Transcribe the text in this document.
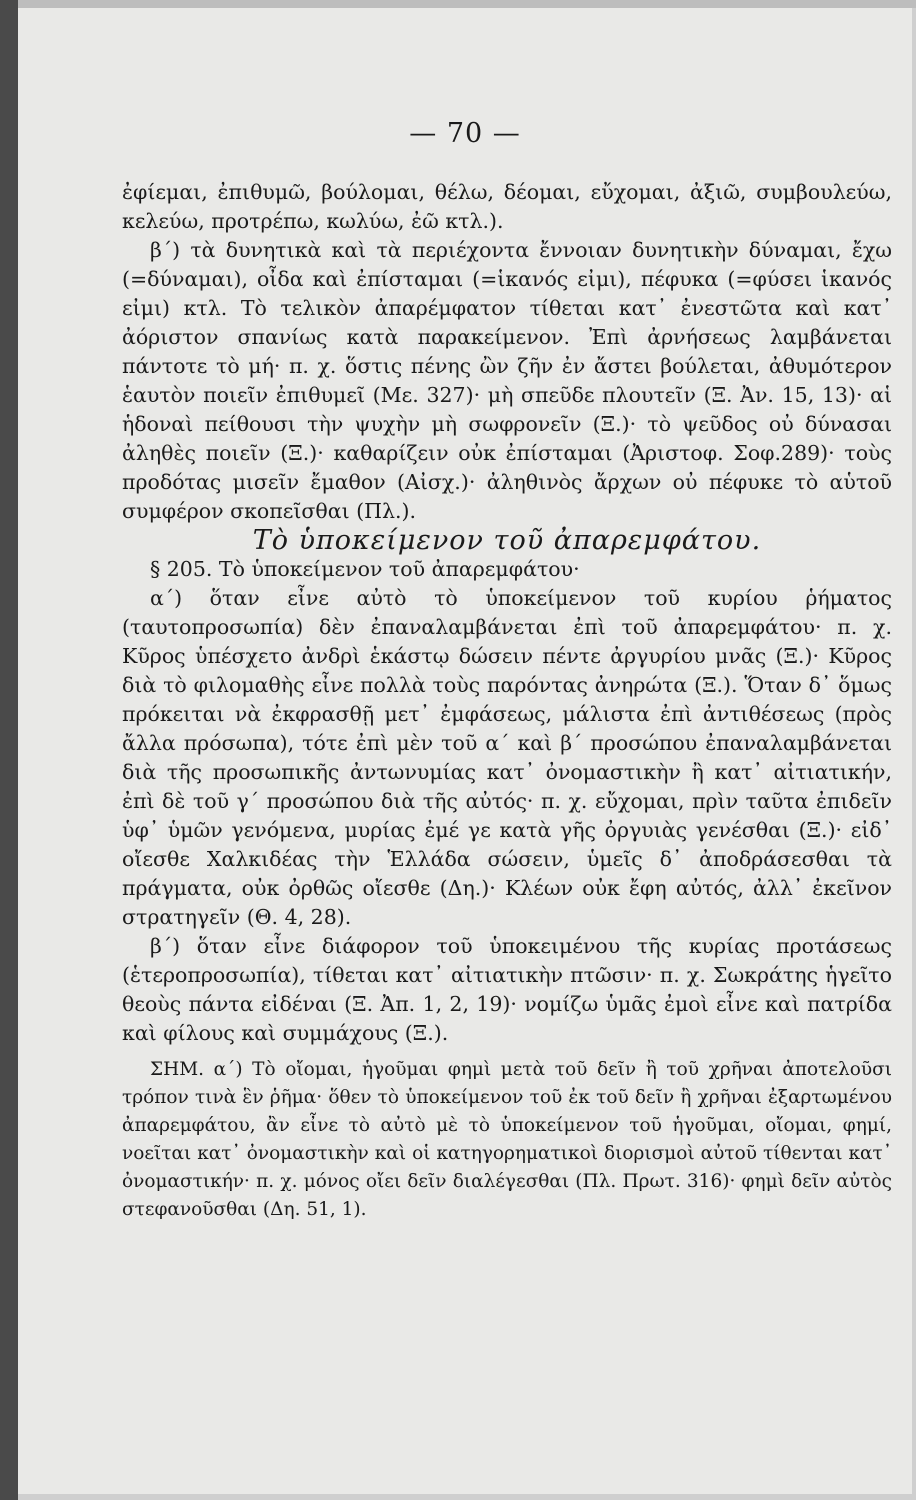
— 70 —

ἐφίεμαι, ἐπιθυμῶ, βούλομαι, θέλω, δέομαι, εὔχομαι, ἀξιῶ, συμβουλεύω, κελεύω, προτρέπω, κωλύω, ἐῶ κτλ.).

β΄) τὰ δυνητικὰ καὶ τὰ περιέχοντα ἔννοιαν δυνητικὴν δύναμαι, ἔχω (=δύναμαι), οἶδα καὶ ἐπίσταμαι (=ἱκανός εἰμι), πέφυκα (=φύσει ἱκανός εἰμι) κτλ. Τὸ τελικὸν ἀπαρέμφατον τίθεται κατ᾿ ἐνεστῶτα καὶ κατ᾿ ἀόριστον σπανίως κατὰ παρακείμενον. Ἐπὶ ἀρνήσεως λαμβάνεται πάντοτε τὸ μή· π. χ. ὅστις πένης ὢν ζῆν ἐν ἄστει βούλεται, ἀθυμότερον ἑαυτὸν ποιεῖν ἐπιθυμεῖ (Με. 327)· μὴ σπεῦδε πλουτεῖν (Ξ. Ἀν. 15, 13)· αἱ ἡδοναὶ πείθουσι τὴν ψυχὴν μὴ σωφρονεῖν (Ξ.)· τὸ ψεῦδος οὐ δύνασαι ἀληθὲς ποιεῖν (Ξ.)· καθαρίζειν οὐκ ἐπίσταμαι (Ἀριστοφ. Σοφ.289)· τοὺς προδότας μισεῖν ἔμαθον (Αἰσχ.)· ἀληθινὸς ἄρχων οὐ πέφυκε τὸ αὑτοῦ συμφέρον σκοπεῖσθαι (Πλ.).

Τὸ ὑποκείμενον τοῦ ἀπαρεμφάτου.

§ 205. Τὸ ὑποκείμενον τοῦ ἀπαρεμφάτου·

α΄) ὅταν εἶνε αὐτὸ τὸ ὑποκείμενον τοῦ κυρίου ῥήματος (ταυτοπροσωπία) δὲν ἐπαναλαμβάνεται ἐπὶ τοῦ ἀπαρεμφάτου· π. χ. Κῦρος ὑπέσχετο ἀνδρὶ ἑκάστῳ δώσειν πέντε ἀργυρίου μνᾶς (Ξ.)· Κῦρος διὰ τὸ φιλομαθὴς εἶνε πολλὰ τοὺς παρόντας ἀνηρώτα (Ξ.). Ὅταν δ᾿ ὅμως πρόκειται νὰ ἐκφρασθῇ μετ᾿ ἐμφάσεως, μάλιστα ἐπὶ ἀντιθέσεως (πρὸς ἄλλα πρόσωπα), τότε ἐπὶ μὲν τοῦ α΄ καὶ β΄ προσώπου ἐπαναλαμβάνεται διὰ τῆς προσωπικῆς ἀντωνυμίας κατ᾿ ὀνομαστικὴν ἢ κατ᾿ αἰτιατικήν, ἐπὶ δὲ τοῦ γ΄ προσώπου διὰ τῆς αὐτός· π. χ. εὔχομαι, πρὶν ταῦτα ἐπιδεῖν ὑφ᾿ ὑμῶν γενόμενα, μυρίας ἐμέ γε κατὰ γῆς ὀργυιὰς γενέσθαι (Ξ.)· εἰδ᾿ οἴεσθε Χαλκιδέας τὴν Ἑλλάδα σώσειν, ὑμεῖς δ᾿ ἀποδράσεσθαι τὰ πράγματα, οὐκ ὀρθῶς οἴεσθε (Δη.)· Κλέων οὐκ ἔφη αὐτός, ἀλλ᾿ ἐκεῖνον στρατηγεῖν (Θ. 4, 28).

β΄) ὅταν εἶνε διάφορον τοῦ ὑποκειμένου τῆς κυρίας προτάσεως (ἑτεροπροσωπία), τίθεται κατ᾿ αἰτιατικὴν πτῶσιν· π. χ. Σωκράτης ἡγεῖτο θεοὺς πάντα εἰδέναι (Ξ. Ἀπ. 1, 2, 19)· νομίζω ὑμᾶς ἐμοὶ εἶνε καὶ πατρίδα καὶ φίλους καὶ συμμάχους (Ξ.).

ΣΗΜ. α΄) Τὸ οἴομαι, ἡγοῦμαι φημὶ μετὰ τοῦ δεῖν ἢ τοῦ χρῆναι ἀποτελοῦσι τρόπον τινὰ ἓν ῥῆμα· ὅθεν τὸ ὑποκείμενον τοῦ ἐκ τοῦ δεῖν ἢ χρῆναι ἐξαρτωμένου ἀπαρεμφάτου, ἂν εἶνε τὸ αὐτὸ μὲ τὸ ὑποκείμενον τοῦ ἡγοῦμαι, οἴομαι, φημί, νοεῖται κατ᾿ ὀνομαστικὴν καὶ οἱ κατηγορηματικοὶ διορισμοὶ αὐτοῦ τίθενται κατ᾿ ὀνομαστικήν· π. χ. μόνος οἴει δεῖν διαλέγεσθαι (Πλ. Πρωτ. 316)· φημὶ δεῖν αὐτὸς στεφανοῦσθαι (Δη. 51, 1).
